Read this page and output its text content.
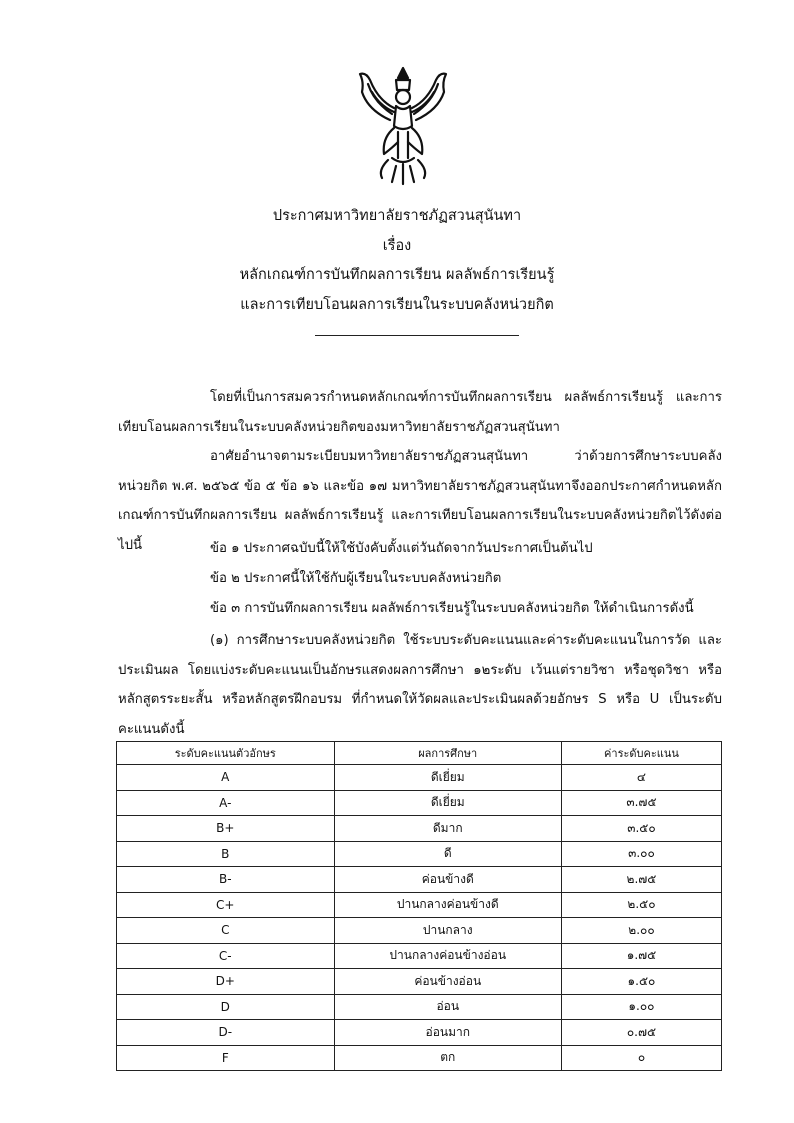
ประกาศมหาวิทยาลัยราชภัฏสวนสุนันทา
เรื่อง
หลักเกณฑ์การบันทึกผลการเรียน ผลลัพธ์การเรียนรู้
และการเทียบโอนผลการเรียนในระบบคลังหน่วยกิต
โดยที่เป็นการสมควรกำหนดหลักเกณฑ์การบันทึกผลการเรียน ผลลัพธ์การเรียนรู้ และการเทียบโอนผลการเรียนในระบบคลังหน่วยกิตของมหาวิทยาลัยราชภัฏสวนสุนันทา
อาศัยอำนาจตามระเบียบมหาวิทยาลัยราชภัฏสวนสุนันทา ว่าด้วยการศึกษาระบบคลังหน่วยกิต พ.ศ. ๒๕๖๕ ข้อ ๕ ข้อ ๑๖ และข้อ ๑๗ มหาวิทยาลัยราชภัฏสวนสุนันทาจึงออกประกาศกำหนดหลักเกณฑ์การบันทึกผลการเรียน ผลลัพธ์การเรียนรู้ และการเทียบโอนผลการเรียนในระบบคลังหน่วยกิตไว้ดังต่อไปนี้	ข้อ ๑ ประกาศฉบับนี้ให้ใช้บังคับตั้งแต่วันถัดจากวันประกาศเป็นต้นไป
ข้อ ๒ ประกาศนี้ให้ใช้กับผู้เรียนในระบบคลังหน่วยกิต
ข้อ ๓ การบันทึกผลการเรียน ผลลัพธ์การเรียนรู้ในระบบคลังหน่วยกิต ให้ดำเนินการดังนี้
(๑) การศึกษาระบบคลังหน่วยกิต ใช้ระบบระดับคะแนนและค่าระดับคะแนนในการวัด และประเมินผล โดยแบ่งระดับคะแนนเป็นอักษรแสดงผลการศึกษา ๑๒ระดับ เว้นแต่รายวิชา หรือชุดวิชา หรือหลักสูตรระยะสั้น หรือหลักสูตรฝึกอบรม ที่กำหนดให้วัดผลและประเมินผลด้วยอักษร S หรือ U เป็นระดับคะแนนดังนี้
ระดับคะแนนตัวอักษร	ผลการศึกษา	ค่าระดับคะแนน
A	ดีเยี่ยม	๔
A-	ดีเยี่ยม	๓.๗๕
B+	ดีมาก	๓.๕๐
B	ดี	๓.๐๐
B-	ค่อนข้างดี	๒.๗๕
C+	ปานกลางค่อนข้างดี	๒.๕๐
C	ปานกลาง	๒.๐๐
C-	ปานกลางค่อนข้างอ่อน	๑.๗๕
D+	ค่อนข้างอ่อน	๑.๕๐
D	อ่อน	๑.๐๐
D-	อ่อนมาก	๐.๗๕
F	ตก	๐
